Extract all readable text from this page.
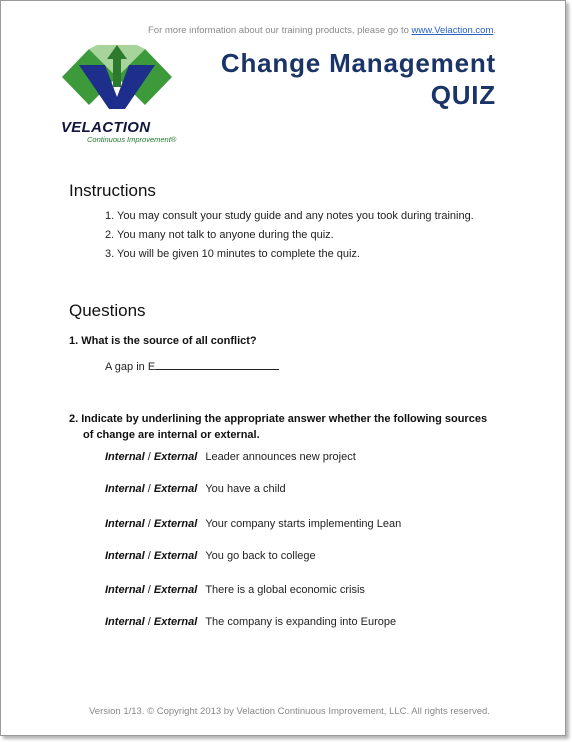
For more information about our training products, please go to www.Velaction.com.
VELACTION
Continuous Improvement®
Change Management
QUIZ
Instructions
1. You may consult your study guide and any notes you took during training.
2. You many not talk to anyone during the quiz.
3. You will be given 10 minutes to complete the quiz.
Questions
1. What is the source of all conflict?
A gap in E
2. Indicate by underlining the appropriate answer whether the following sources
of change are internal or external.
Internal / External Leader announces new project
Internal / External You have a child
Internal / External Your company starts implementing Lean
Internal / External You go back to college
Internal / External There is a global economic crisis
Internal / External The company is expanding into Europe
Version 1/13. © Copyright 2013 by Velaction Continuous Improvement, LLC. All rights reserved.
